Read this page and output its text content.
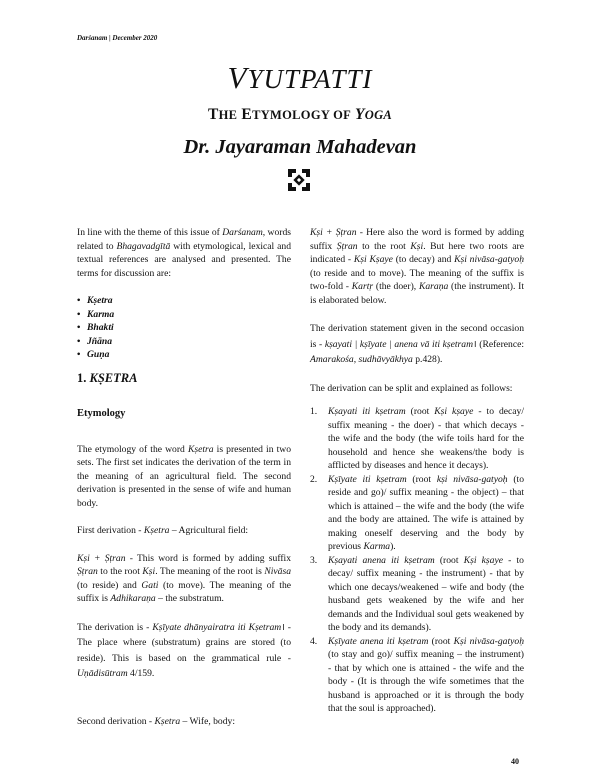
Darśanam | December 2020
VYUTPATTI
THE ETYMOLOGY OF YOGA
Dr. Jayaraman Mahadevan

In line with the theme of this issue of Darśanam, words related to Bhagavadgītā with etymological, lexical and textual references are analysed and presented. The terms for discussion are:

• Kṣetra
• Karma
• Bhakti
• Jñāna
• Guṇa

1. KṢETRA

Etymology

The etymology of the word Kṣetra is presented in two sets. The first set indicates the derivation of the term in the meaning of an agricultural field. The second derivation is presented in the sense of wife and human body.

First derivation - Kṣetra – Agricultural field:

Kṣi + Ṣṭran - This word is formed by adding suffix Ṣṭran to the root Kṣi. The meaning of the root is Nivāsa (to reside) and Gati (to move). The meaning of the suffix is Adhikaraṇa – the substratum.

The derivation is - Kṣīyate dhānyairatra iti Kṣetram। - The place where (substratum) grains are stored (to reside). This is based on the grammatical rule - Uṇādisūtram 4/159.

Second derivation - Kṣetra – Wife, body:

Kṣi + Ṣṭran - Here also the word is formed by adding suffix Ṣṭran to the root Kṣi. But here two roots are indicated - Kṣi Kṣaye (to decay) and Kṣi nivāsa-gatyoḥ (to reside and to move). The meaning of the suffix is two-fold - Kartṛ (the doer), Karaṇa (the instrument). It is elaborated below.

The derivation statement given in the second occasion is - kṣayati | kṣīyate | anena vā iti kṣetram। (Reference: Amarakośa, sudhāvyākhya p.428).

The derivation can be split and explained as follows:

1. Kṣayati iti kṣetram (root Kṣi kṣaye - to decay/ suffix meaning - the doer) - that which decays - the wife and the body (the wife toils hard for the household and hence she weakens/the body is afflicted by diseases and hence it decays).
2. Kṣīyate iti kṣetram (root kṣi nivāsa-gatyoḥ (to reside and go)/ suffix meaning - the object) – that which is attained – the wife and the body (the wife and the body are attained. The wife is attained by making oneself deserving and the body by previous Karma).
3. Kṣayati anena iti kṣetram (root Kṣi kṣaye - to decay/ suffix meaning - the instrument) - that by which one decays/weakened – wife and body (the husband gets weakened by the wife and her demands and the Individual soul gets weakened by the body and its demands).
4. Kṣīyate anena iti kṣetram (root Kṣi nivāsa-gatyoḥ (to stay and go)/ suffix meaning – the instrument) - that by which one is attained - the wife and the body - (It is through the wife sometimes that the husband is approached or it is through the body that the soul is approached).
40
